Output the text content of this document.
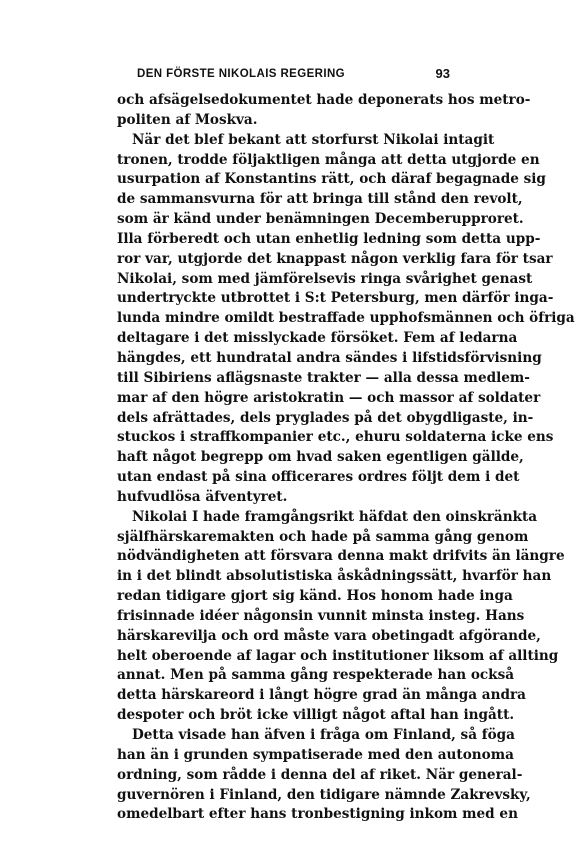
DEN FÖRSTE NIKOLAIS REGERING	93
och afsägelsedokumentet hade deponerats hos metro-
politen af Moskva.
När det blef bekant att storfurst Nikolai intagit
tronen, trodde följaktligen många att detta utgjorde en
usurpation af Konstantins rätt, och däraf begagnade sig
de sammansvurna för att bringa till stånd den revolt,
som är känd under benämningen Decemberupproret.
Illa förberedt och utan enhetlig ledning som detta upp-
ror var, utgjorde det knappast någon verklig fara för tsar
Nikolai, som med jämförelsevis ringa svårighet genast
undertryckte utbrottet i S:t Petersburg, men därför inga-
lunda mindre omildt bestraffade upphofsmännen och öfriga
deltagare i det misslyckade försöket. Fem af ledarna
hängdes, ett hundratal andra sändes i lifstidsförvisning
till Sibiriens aflägsnaste trakter — alla dessa medlem-
mar af den högre aristokratin — och massor af soldater
dels afrättades, dels pryglades på det obygdligaste, in-
stuckos i straffkompanier etc., ehuru soldaterna icke ens
haft något begrepp om hvad saken egentligen gällde,
utan endast på sina officerares ordres följt dem i det
hufvudlösa äfventyret.
Nikolai I hade framgångsrikt häfdat den oinskränkta
själfhärskaremakten och hade på samma gång genom
nödvändigheten att försvara denna makt drifvits än längre
in i det blindt absolutistiska åskådningssätt, hvarför han
redan tidigare gjort sig känd. Hos honom hade inga
frisinnade idéer någonsin vunnit minsta insteg. Hans
härskarevilja och ord måste vara obetingadt afgörande,
helt oberoende af lagar och institutioner liksom af allting
annat. Men på samma gång respekterade han också
detta härskareord i långt högre grad än många andra
despoter och bröt icke villigt något aftal han ingått.
Detta visade han äfven i fråga om Finland, så föga
han än i grunden sympatiserade med den autonoma
ordning, som rådde i denna del af riket. När general-
guvernören i Finland, den tidigare nämnde Zakrevsky,
omedelbart efter hans tronbestigning inkom med en
